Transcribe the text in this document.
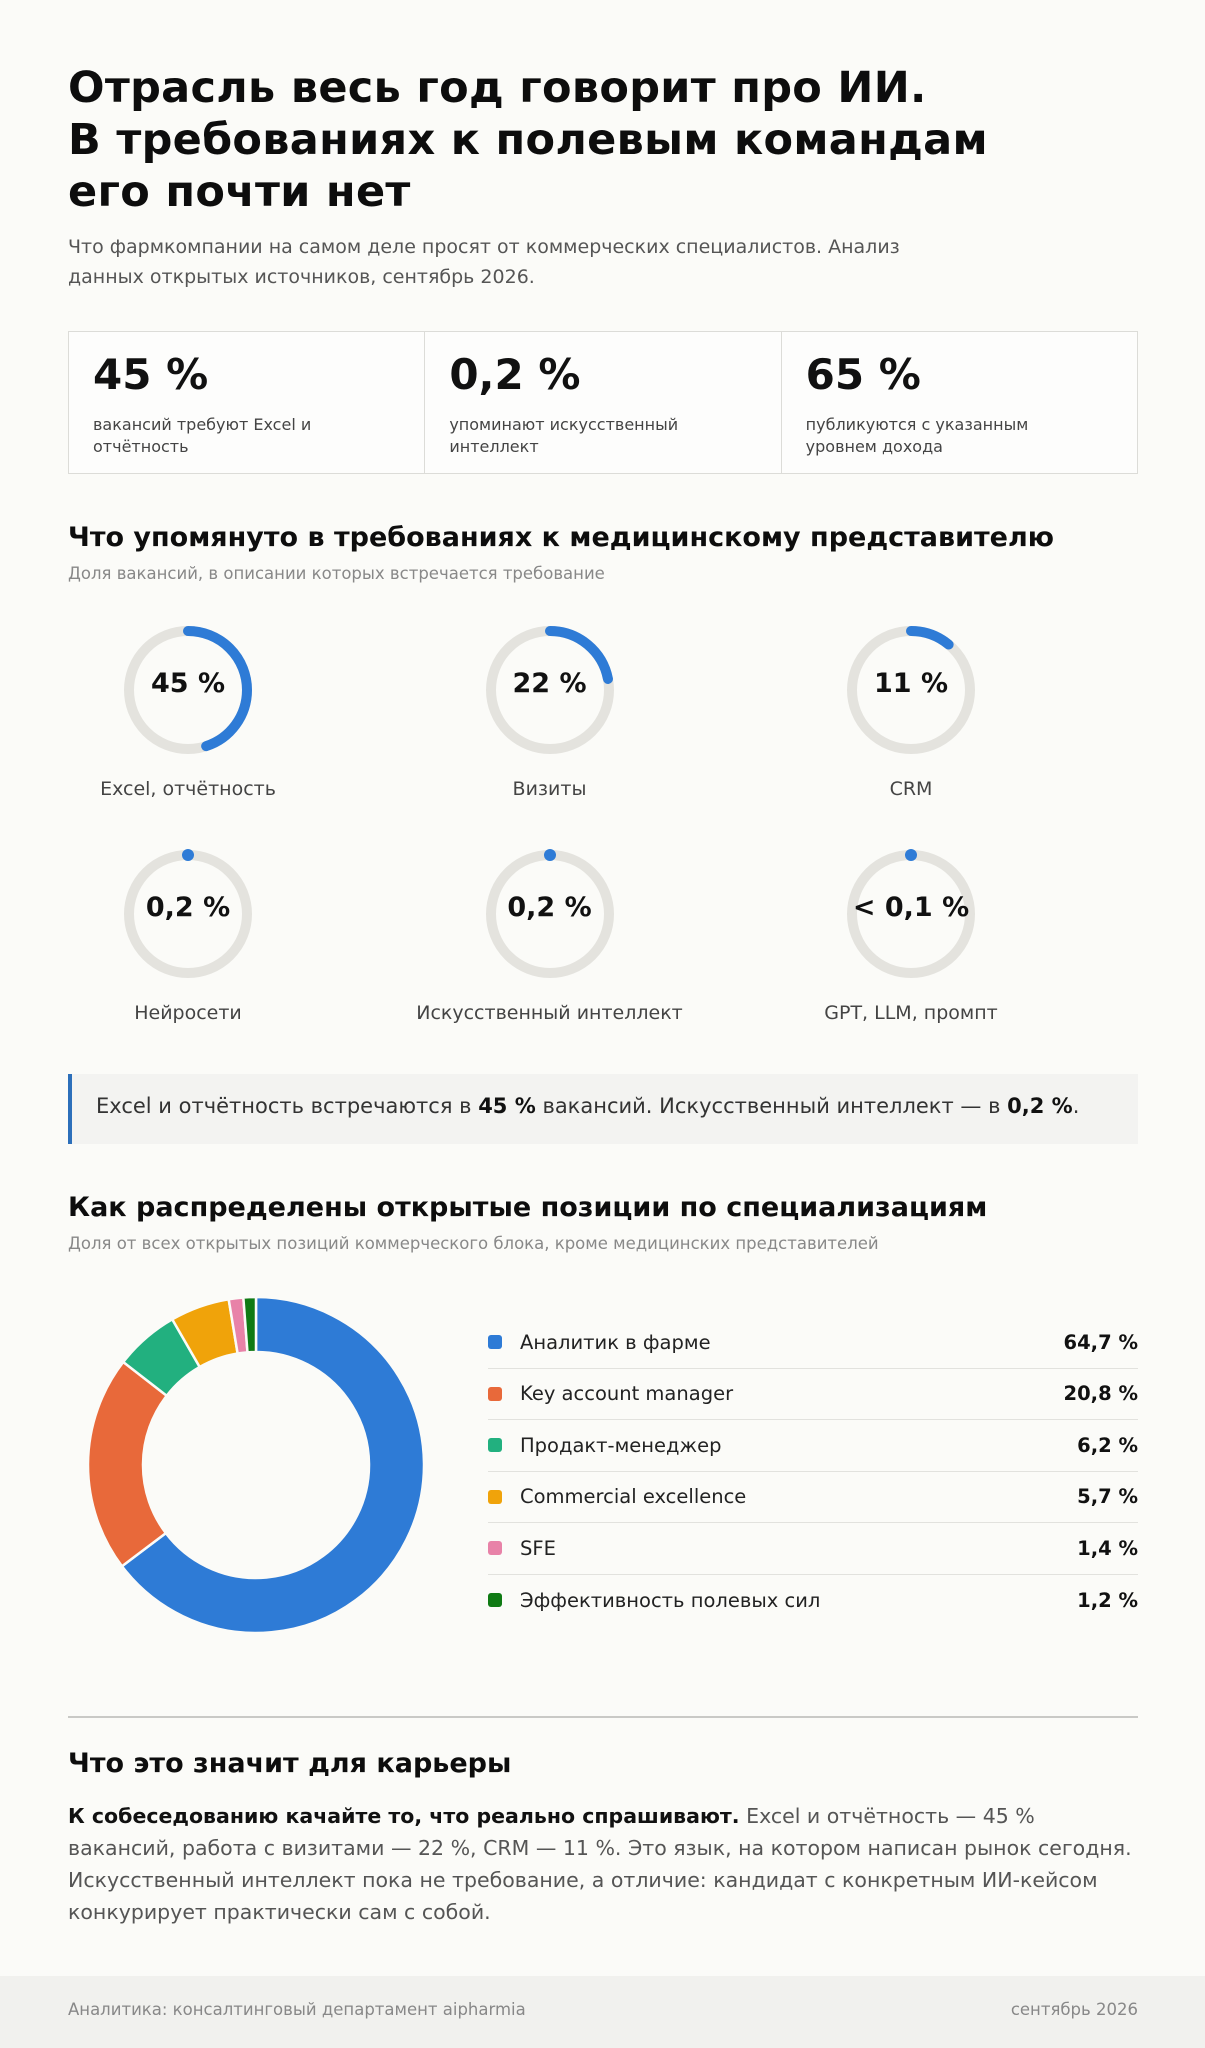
Отрасль весь год говорит про ИИ.
В требованиях к полевым командам
его почти нет
Что фармкомпании на самом деле просят от коммерческих специалистов. Анализ данных открытых источников, сентябрь 2026.
45 %
вакансий требуют Excel и отчётность
0,2 %
упоминают искусственный интеллект
65 %
публикуются с указанным уровнем дохода
Что упомянуто в требованиях к медицинскому представителю
Доля вакансий, в описании которых встречается требование
45 %
Excel, отчётность
22 %
Визиты
11 %
CRM
0,2 %
Нейросети
0,2 %
Искусственный интеллект
< 0,1 %
GPT, LLM, промпт
Excel и отчётность встречаются в 45 % вакансий. Искусственный интеллект — в 0,2 %.
Как распределены открытые позиции по специализациям
Доля от всех открытых позиций коммерческого блока, кроме медицинских представителей
Аналитик в фарме	64,7 %
Key account manager	20,8 %
Продакт-менеджер	6,2 %
Commercial excellence	5,7 %
SFE	1,4 %
Эффективность полевых сил	1,2 %
Что это значит для карьеры
К собеседованию качайте то, что реально спрашивают. Excel и отчётность — 45 % вакансий, работа с визитами — 22 %, CRM — 11 %. Это язык, на котором написан рынок сегодня. Искусственный интеллект пока не требование, а отличие: кандидат с конкретным ИИ-кейсом конкурирует практически сам с собой.
Аналитика: консалтинговый департамент aipharmia	сентябрь 2026
